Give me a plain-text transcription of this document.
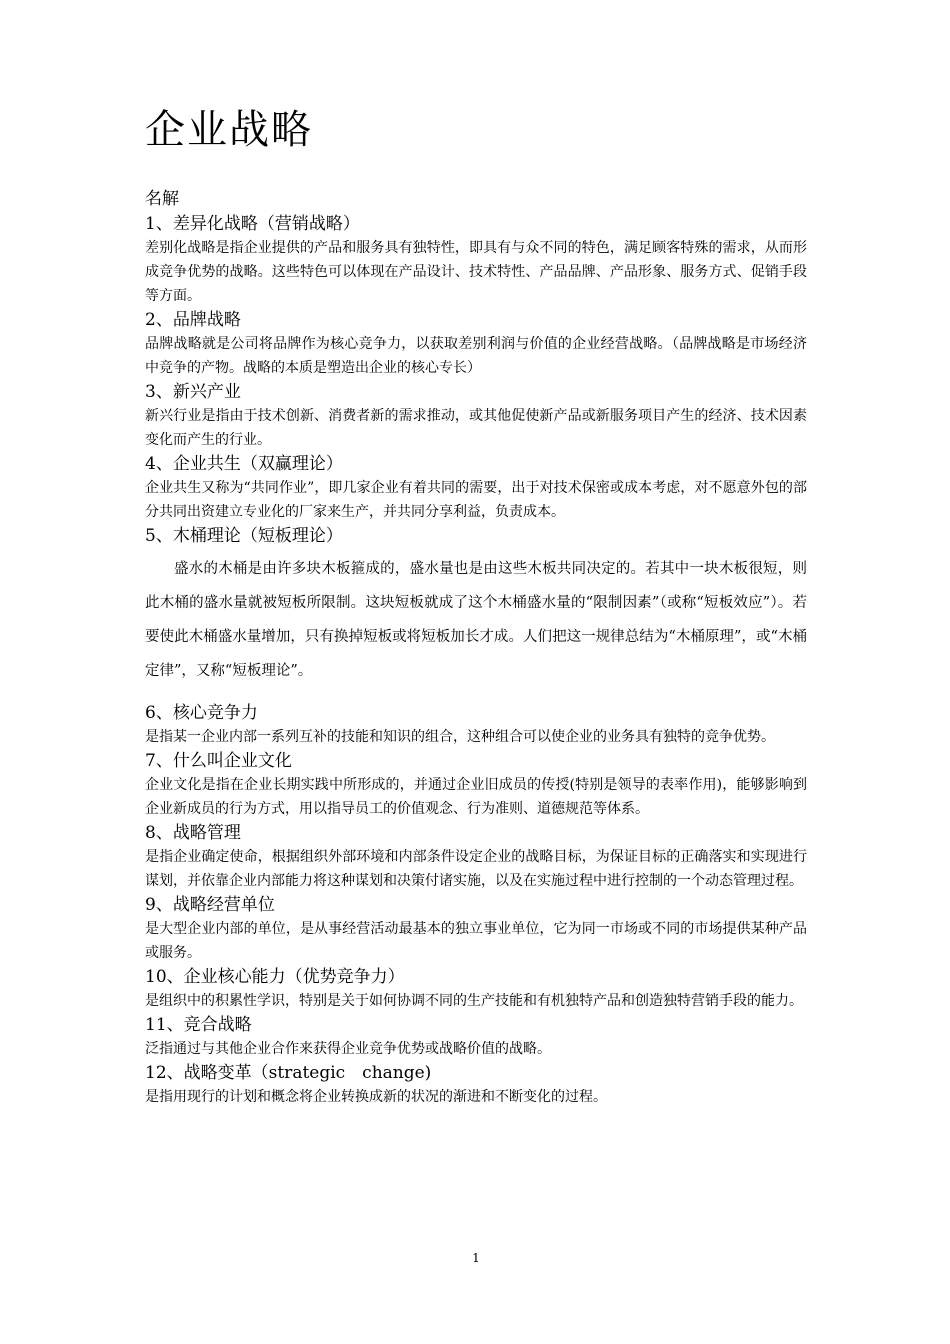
企业战略
名解
1、差异化战略（营销战略）
差别化战略是指企业提供的产品和服务具有独特性，即具有与众不同的特色，满足顾客特殊的需求，从而形成竞争优势的战略。这些特色可以体现在产品设计、技术特性、产品品牌、产品形象、服务方式、促销手段等方面。
2、品牌战略
品牌战略就是公司将品牌作为核心竞争力，以获取差别利润与价值的企业经营战略。（品牌战略是市场经济中竞争的产物。战略的本质是塑造出企业的核心专长）
3、新兴产业
新兴行业是指由于技术创新、消费者新的需求推动，或其他促使新产品或新服务项目产生的经济、技术因素变化而产生的行业。
4、企业共生（双赢理论）
企业共生又称为“共同作业”，即几家企业有着共同的需要，出于对技术保密或成本考虑，对不愿意外包的部分共同出资建立专业化的厂家来生产，并共同分享利益，负责成本。
5、木桶理论（短板理论）
盛水的木桶是由许多块木板箍成的，盛水量也是由这些木板共同决定的。若其中一块木板很短，则此木桶的盛水量就被短板所限制。这块短板就成了这个木桶盛水量的“限制因素”（或称“短板效应”）。若要使此木桶盛水量增加，只有换掉短板或将短板加长才成。人们把这一规律总结为“木桶原理”，或“木桶定律”，又称“短板理论”。
6、核心竞争力
是指某一企业内部一系列互补的技能和知识的组合，这种组合可以使企业的业务具有独特的竞争优势。
7、什么叫企业文化
企业文化是指在企业长期实践中所形成的，并通过企业旧成员的传授(特别是领导的表率作用)，能够影响到企业新成员的行为方式，用以指导员工的价值观念、行为准则、道德规范等体系。
8、战略管理
是指企业确定使命，根据组织外部环境和内部条件设定企业的战略目标，为保证目标的正确落实和实现进行谋划，并依靠企业内部能力将这种谋划和决策付诸实施，以及在实施过程中进行控制的一个动态管理过程。
9、战略经营单位
是大型企业内部的单位，是从事经营活动最基本的独立事业单位，它为同一市场或不同的市场提供某种产品或服务。
10、企业核心能力（优势竞争力）
是组织中的积累性学识，特别是关于如何协调不同的生产技能和有机独特产品和创造独特营销手段的能力。
11、竞合战略
泛指通过与其他企业合作来获得企业竞争优势或战略价值的战略。
12、战略变革（strategic　change)
是指用现行的计划和概念将企业转换成新的状况的渐进和不断变化的过程。
1
